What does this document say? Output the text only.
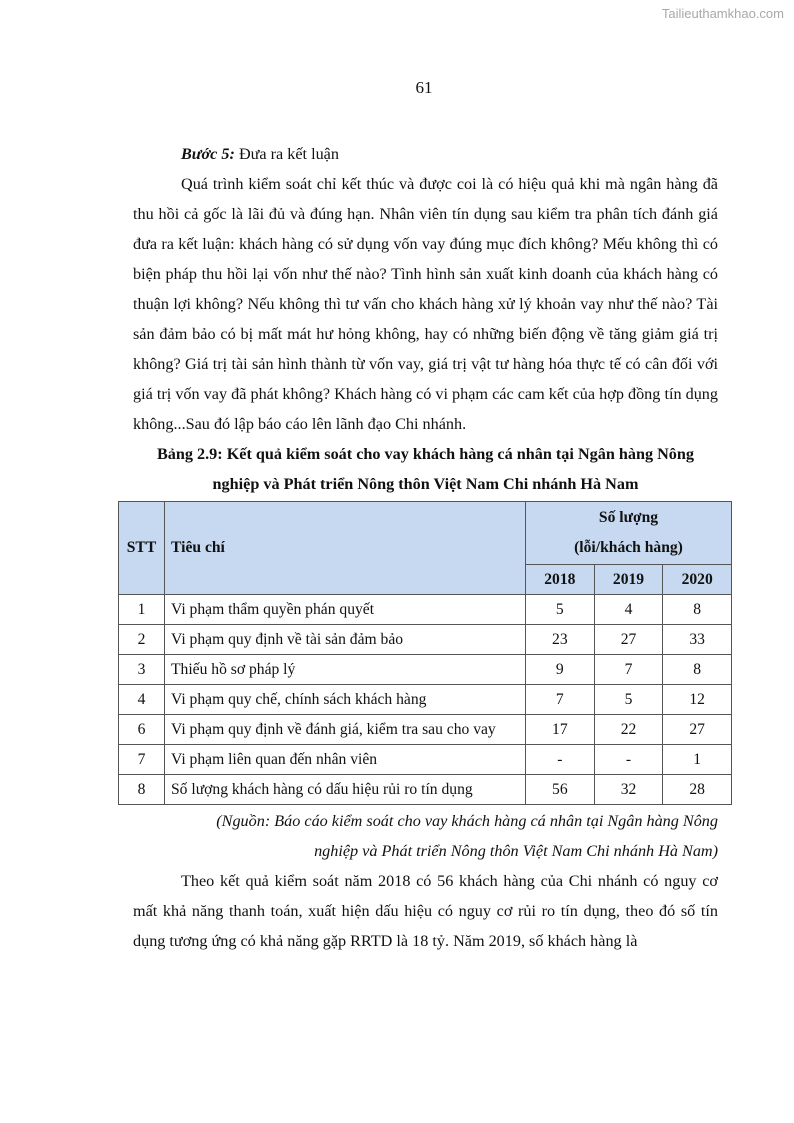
Tailieuthamkhao.com
61

Bước 5: Đưa ra kết luận

Quá trình kiểm soát chỉ kết thúc và được coi là có hiệu quả khi mà ngân hàng đã thu hồi cả gốc là lãi đủ và đúng hạn. Nhân viên tín dụng sau kiểm tra phân tích đánh giá đưa ra kết luận: khách hàng có sử dụng vốn vay đúng mục đích không? Mếu không thì có biện pháp thu hồi lại vốn như thế nào? Tình hình sản xuất kinh doanh của khách hàng có thuận lợi không? Nếu không thì tư vấn cho khách hàng xử lý khoản vay như thế nào? Tài sản đảm bảo có bị mất mát hư hỏng không, hay có những biến động về tăng giảm giá trị không? Giá trị tài sản hình thành từ vốn vay, giá trị vật tư hàng hóa thực tế có cân đối với giá trị vốn vay đã phát không? Khách hàng có vi phạm các cam kết của hợp đồng tín dụng không...Sau đó lập báo cáo lên lãnh đạo Chi nhánh.

Bảng 2.9: Kết quả kiểm soát cho vay khách hàng cá nhân tại Ngân hàng Nông

nghiệp và Phát triển Nông thôn Việt Nam Chi nhánh Hà Nam

STT	Tiêu chí	Số lượng
(lỗi/khách hàng)		

		2018	2019	2020
1	Vi phạm thẩm quyền phán quyết	5	4	8
2	Vi phạm quy định về tài sản đảm bảo	23	27	33
3	Thiếu hồ sơ pháp lý	9	7	8
4	Vi phạm quy chế, chính sách khách hàng	7	5	12
6	Vi phạm quy định về đánh giá, kiểm tra sau cho vay	17	22	27
7	Vi phạm liên quan đến nhân viên	-	-	1
8	Số lượng khách hàng có dấu hiệu rủi ro tín dụng	56	32	28

(Nguồn: Báo cáo kiểm soát cho vay khách hàng cá nhân tại Ngân hàng Nông

nghiệp và Phát triển Nông thôn Việt Nam Chi nhánh Hà Nam)

Theo kết quả kiểm soát năm 2018 có 56 khách hàng của Chi nhánh có nguy cơ mất khả năng thanh toán, xuất hiện dấu hiệu có nguy cơ rủi ro tín dụng, theo đó số tín dụng tương ứng có khả năng gặp RRTD là 18 tỷ. Năm 2019, số khách hàng là
